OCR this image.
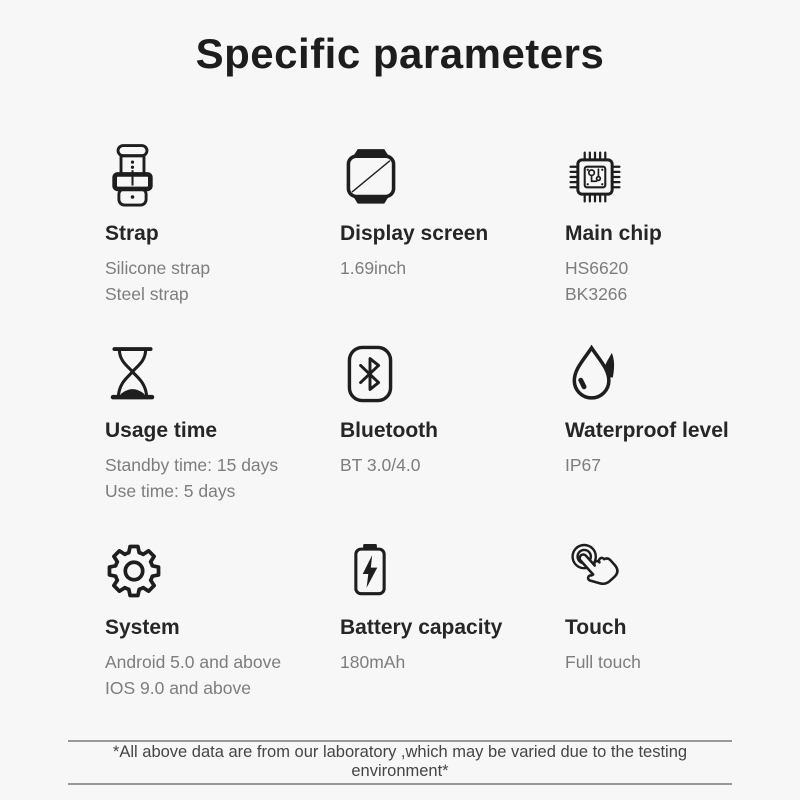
Specific parameters
Strap
Silicone strap
Steel strap
Display screen
1.69inch
Main chip
HS6620
BK3266
Usage time
Standby time: 15 days
Use time: 5 days
Bluetooth
BT 3.0/4.0
Waterproof level
IP67
System
Android 5.0 and above
IOS 9.0 and above
Battery capacity
180mAh
Touch
Full touch

*All above data are from our laboratory ,which may be varied due to the testing environment*
